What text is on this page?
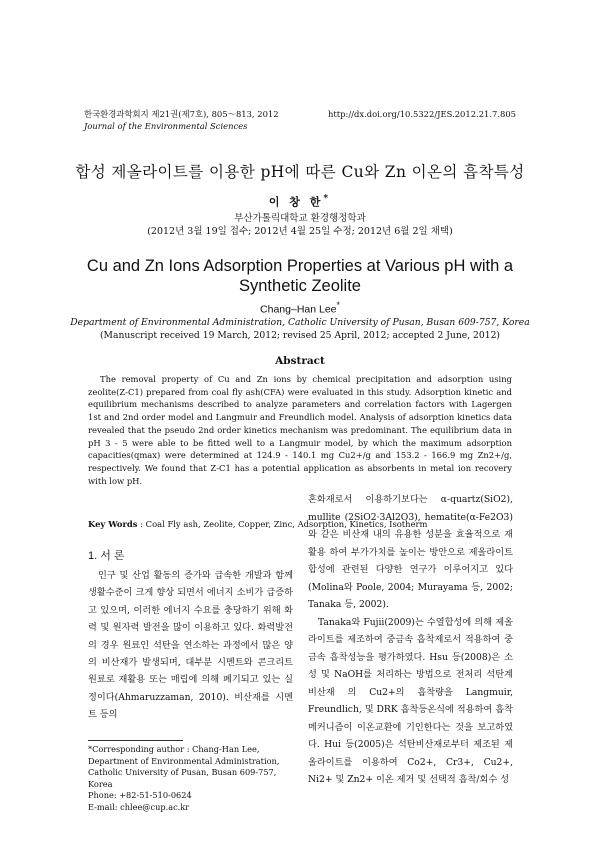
한국환경과학회지 제21권(제7호), 805～813, 2012
Journal of the Environmental Sciences
http://dx.doi.org/10.5322/JES.2012.21.7.805
합성 제올라이트를 이용한 pH에 따른 Cu와 Zn 이온의 흡착특성
이 창 한*
부산가톨릭대학교 환경행정학과
(2012년 3월 19일 접수; 2012년 4월 25일 수정; 2012년 6월 2일 채택)
Cu and Zn Ions Adsorption Properties at Various pH with a
Synthetic Zeolite
Chang–Han Lee*
Department of Environmental Administration, Catholic University of Pusan, Busan 609-757, Korea
(Manuscript received 19 March, 2012; revised 25 April, 2012; accepted 2 June, 2012)
Abstract
The removal property of Cu and Zn ions by chemical precipitation and adsorption using zeolite(Z-C1) prepared from coal fly ash(CFA) were evaluated in this study. Adsorption kinetic and equilibrium mechanisms described to analyze parameters and correlation factors with Lagergen 1st and 2nd order model and Langmuir and Freundlich model. Analysis of adsorption kinetics data revealed that the pseudo 2nd order kinetics mechanism was predominant. The equilibrium data in pH 3 - 5 were able to be fitted well to a Langmuir model, by which the maximum adsorption capacities(qmax) were determined at 124.9 - 140.1 mg Cu2+/g and 153.2 - 166.9 mg Zn2+/g, respectively. We found that Z-C1 has a potential application as absorbents in metal ion recovery with low pH.
Key Words : Coal Fly ash, Zeolite, Copper, Zinc, Adsorption, Kinetics, Isotherm
1. 서 론

인구 및 산업 활동의 증가와 급속한 개발과 함께 생활수준이 크게 향상 되면서 에너지 소비가 급증하고 있으며, 이러한 에너지 수요를 충당하기 위해 화력 및 원자력 발전을 많이 이용하고 있다. 화력발전의 경우 원료인 석탄을 연소하는 과정에서 많은 양의 비산재가 발생되며, 대부분 시멘트와 콘크리트 원료로 재활용 또는 매립에 의해 폐기되고 있는 실정이다(Ahmaruzzaman, 2010). 비산재를 시멘트 등의

혼화재로서 이용하기보다는 α-quartz(SiO2), mullite (2SiO2·3Al2O3), hematite(α-Fe2O3)와 같은 비산재 내의 유용한 성분을 효율적으로 재활용 하여 부가가치를 높이는 방안으로 제올라이트 합성에 관련된 다양한 연구가 이루어지고 있다(Molina와 Poole, 2004; Murayama 등, 2002; Tanaka 등, 2002).

Tanaka와 Fujii(2009)는 수열합성에 의해 제올라이트를 제조하여 중금속 흡착제로서 적용하여 중금속 흡착성능을 평가하였다. Hsu 등(2008)은 소성 및 NaOH를 처리하는 방법으로 전처리 석탄계 비산재 의 Cu2+의 흡착량을 Langmuir, Freundlich, 및 DRK 흡착등온식에 적용하여 흡착 메커니즘이 이온교환에 기인한다는 것을 보고하였다. Hui 등(2005)은 석탄비산재로부터 제조된 제올라이트를 이용하여 Co2+, Cr3+, Cu2+, Ni2+ 및 Zn2+ 이온 제거 및 선택적 흡착/회수 성

*Corresponding author : Chang-Han Lee, Department of Environmental Administration, Catholic University of Pusan, Busan 609-757, Korea
Phone: +82-51-510-0624
E-mail: chlee@cup.ac.kr
